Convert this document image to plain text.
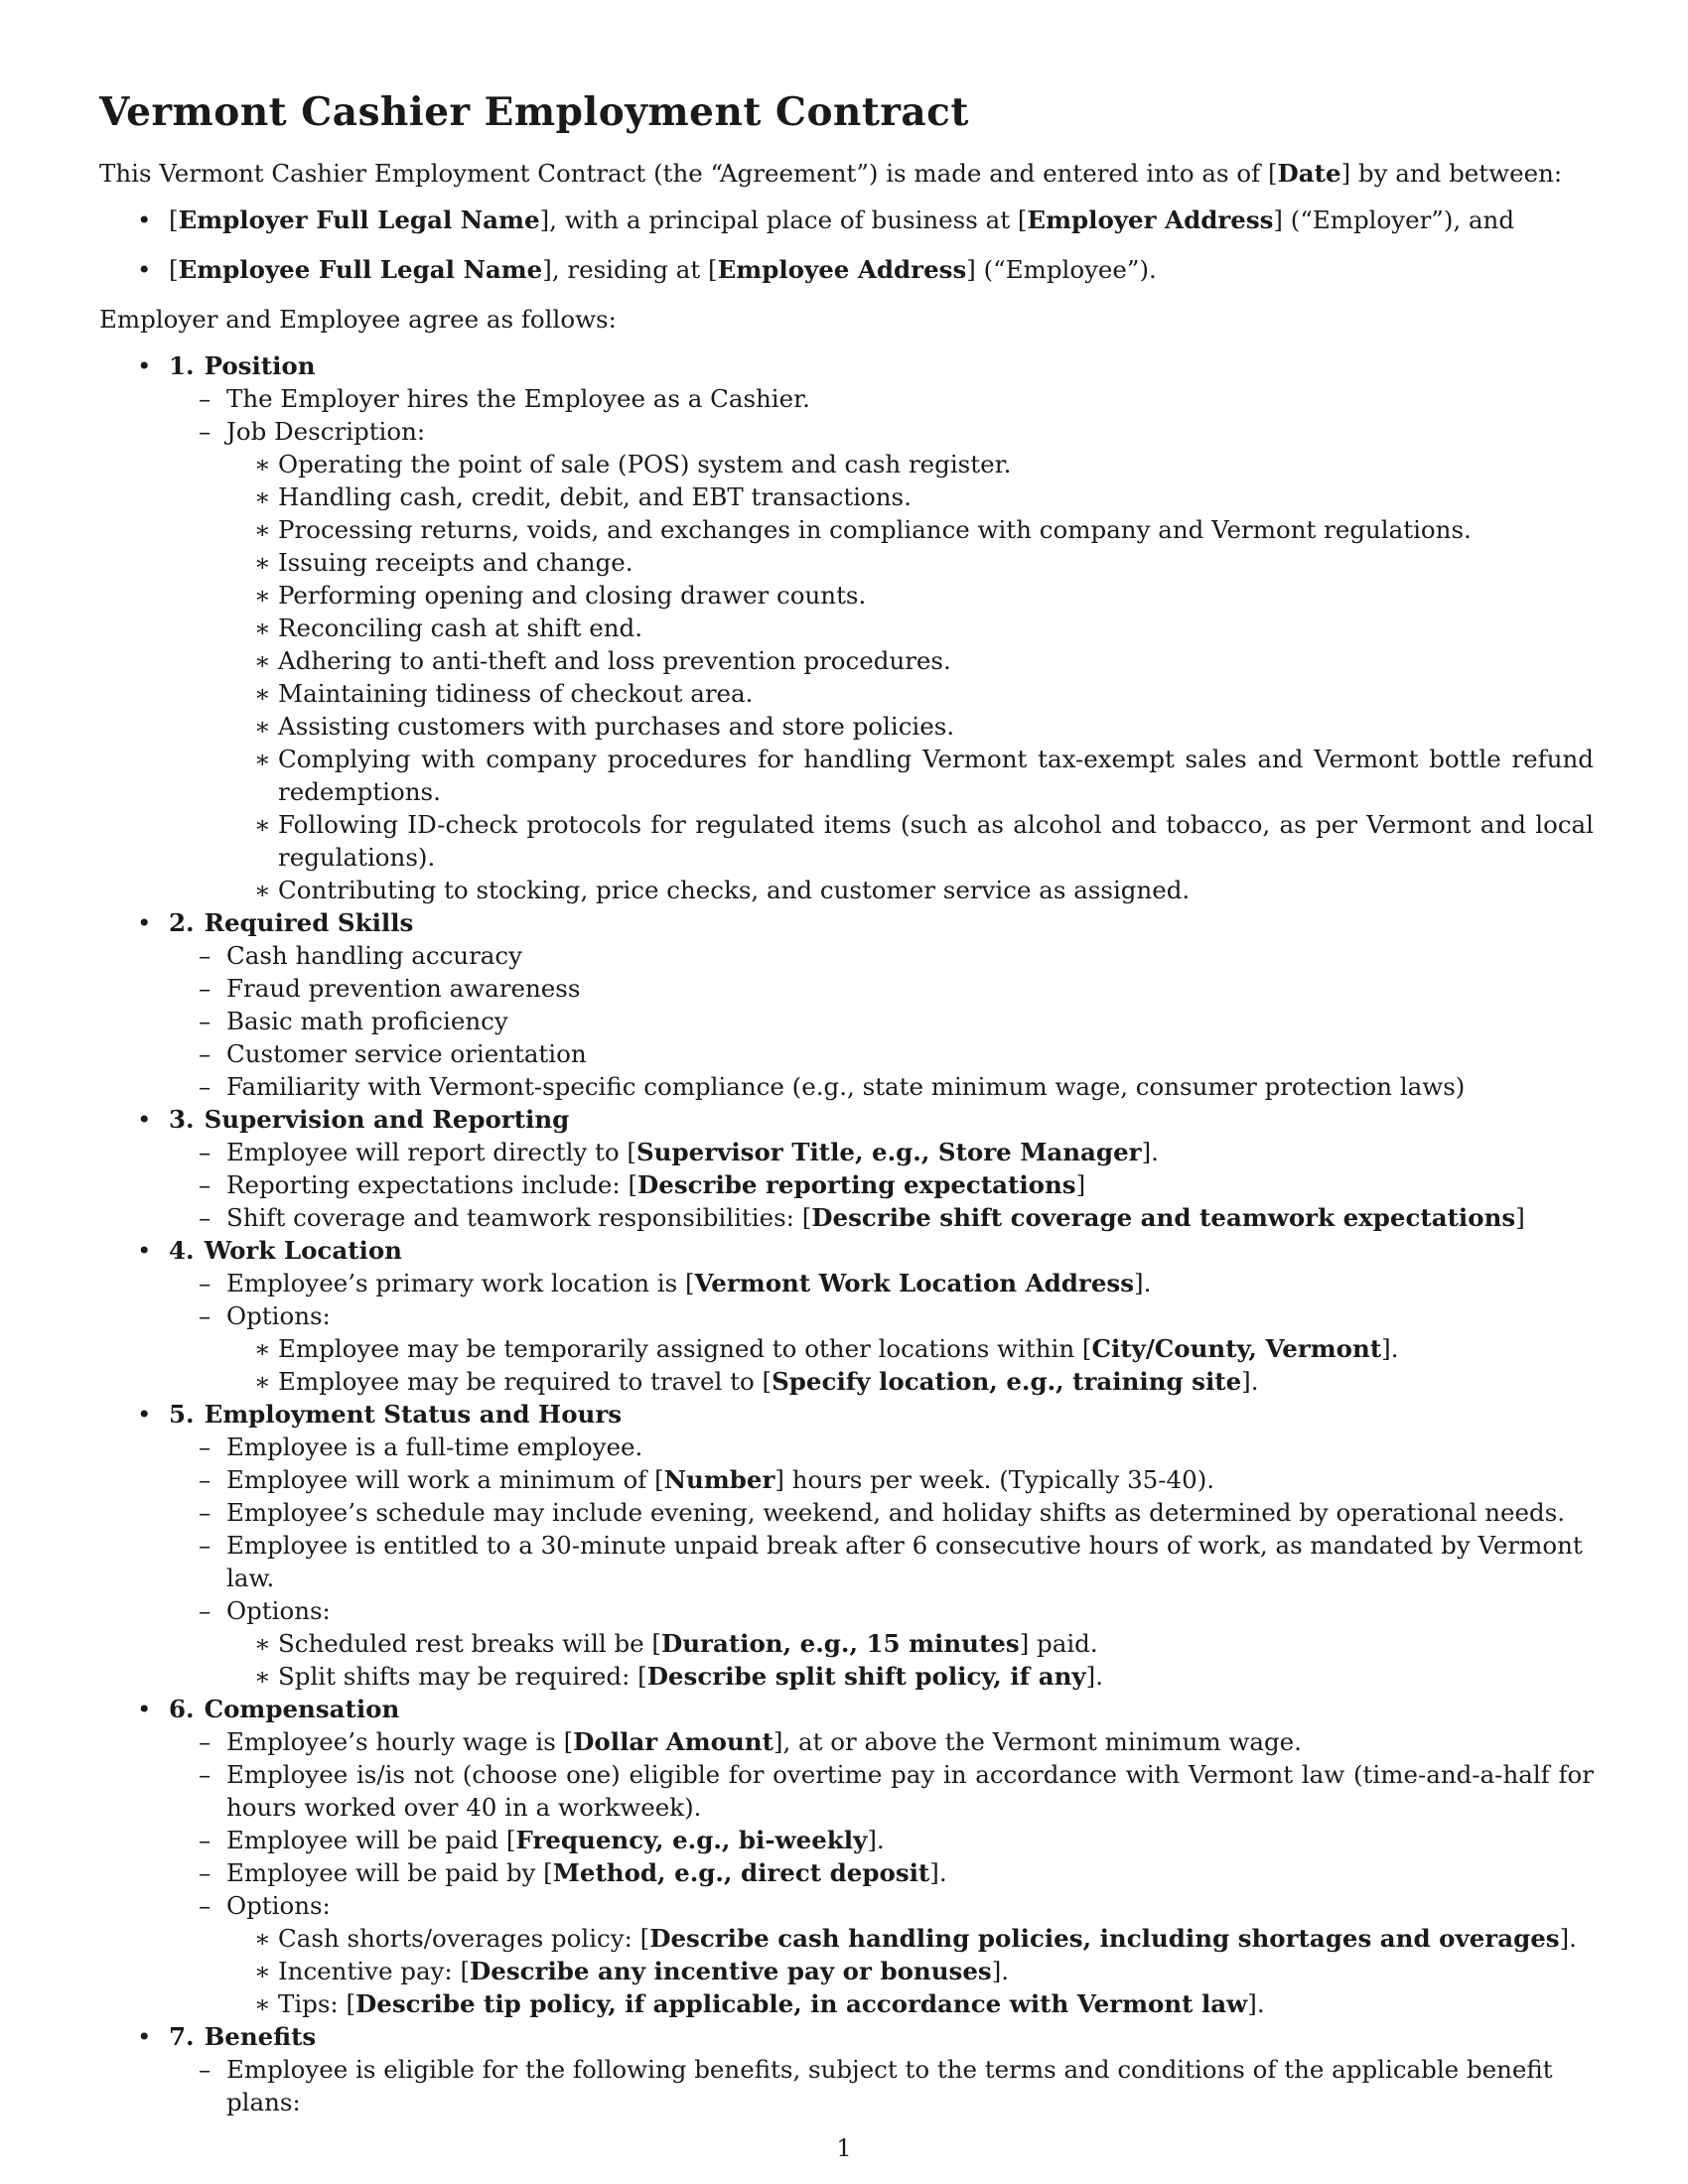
Vermont Cashier Employment Contract

This Vermont Cashier Employment Contract (the “Agreement”) is made and entered into as of [Date] by and between:

• [Employer Full Legal Name], with a principal place of business at [Employer Address] (“Employer”), and
• [Employee Full Legal Name], residing at [Employee Address] (“Employee”).

Employer and Employee agree as follows:

• 1. Position
– The Employer hires the Employee as a Cashier.
– Job Description:
∗ Operating the point of sale (POS) system and cash register.
∗ Handling cash, credit, debit, and EBT transactions.
∗ Processing returns, voids, and exchanges in compliance with company and Vermont regulations.
∗ Issuing receipts and change.
∗ Performing opening and closing drawer counts.
∗ Reconciling cash at shift end.
∗ Adhering to anti-theft and loss prevention procedures.
∗ Maintaining tidiness of checkout area.
∗ Assisting customers with purchases and store policies.
∗ Complying with company procedures for handling Vermont tax-exempt sales and Vermont bottle refund redemptions.
∗ Following ID-check protocols for regulated items (such as alcohol and tobacco, as per Vermont and local regulations).
∗ Contributing to stocking, price checks, and customer service as assigned.
• 2. Required Skills
– Cash handling accuracy
– Fraud prevention awareness
– Basic math proficiency
– Customer service orientation
– Familiarity with Vermont-specific compliance (e.g., state minimum wage, consumer protection laws)
• 3. Supervision and Reporting
– Employee will report directly to [Supervisor Title, e.g., Store Manager].
– Reporting expectations include: [Describe reporting expectations]
– Shift coverage and teamwork responsibilities: [Describe shift coverage and teamwork expectations]
• 4. Work Location
– Employee’s primary work location is [Vermont Work Location Address].
– Options:
∗ Employee may be temporarily assigned to other locations within [City/County, Vermont].
∗ Employee may be required to travel to [Specify location, e.g., training site].
• 5. Employment Status and Hours
– Employee is a full-time employee.
– Employee will work a minimum of [Number] hours per week. (Typically 35-40).
– Employee’s schedule may include evening, weekend, and holiday shifts as determined by operational needs.
– Employee is entitled to a 30-minute unpaid break after 6 consecutive hours of work, as mandated by Vermont law.
– Options:
∗ Scheduled rest breaks will be [Duration, e.g., 15 minutes] paid.
∗ Split shifts may be required: [Describe split shift policy, if any].
• 6. Compensation
– Employee’s hourly wage is [Dollar Amount], at or above the Vermont minimum wage.
– Employee is/is not (choose one) eligible for overtime pay in accordance with Vermont law (time-and-a-half for hours worked over 40 in a workweek).
– Employee will be paid [Frequency, e.g., bi-weekly].
– Employee will be paid by [Method, e.g., direct deposit].
– Options:
∗ Cash shorts/overages policy: [Describe cash handling policies, including shortages and overages].
∗ Incentive pay: [Describe any incentive pay or bonuses].
∗ Tips: [Describe tip policy, if applicable, in accordance with Vermont law].
• 7. Benefits
– Employee is eligible for the following benefits, subject to the terms and conditions of the applicable benefit plans:
1
